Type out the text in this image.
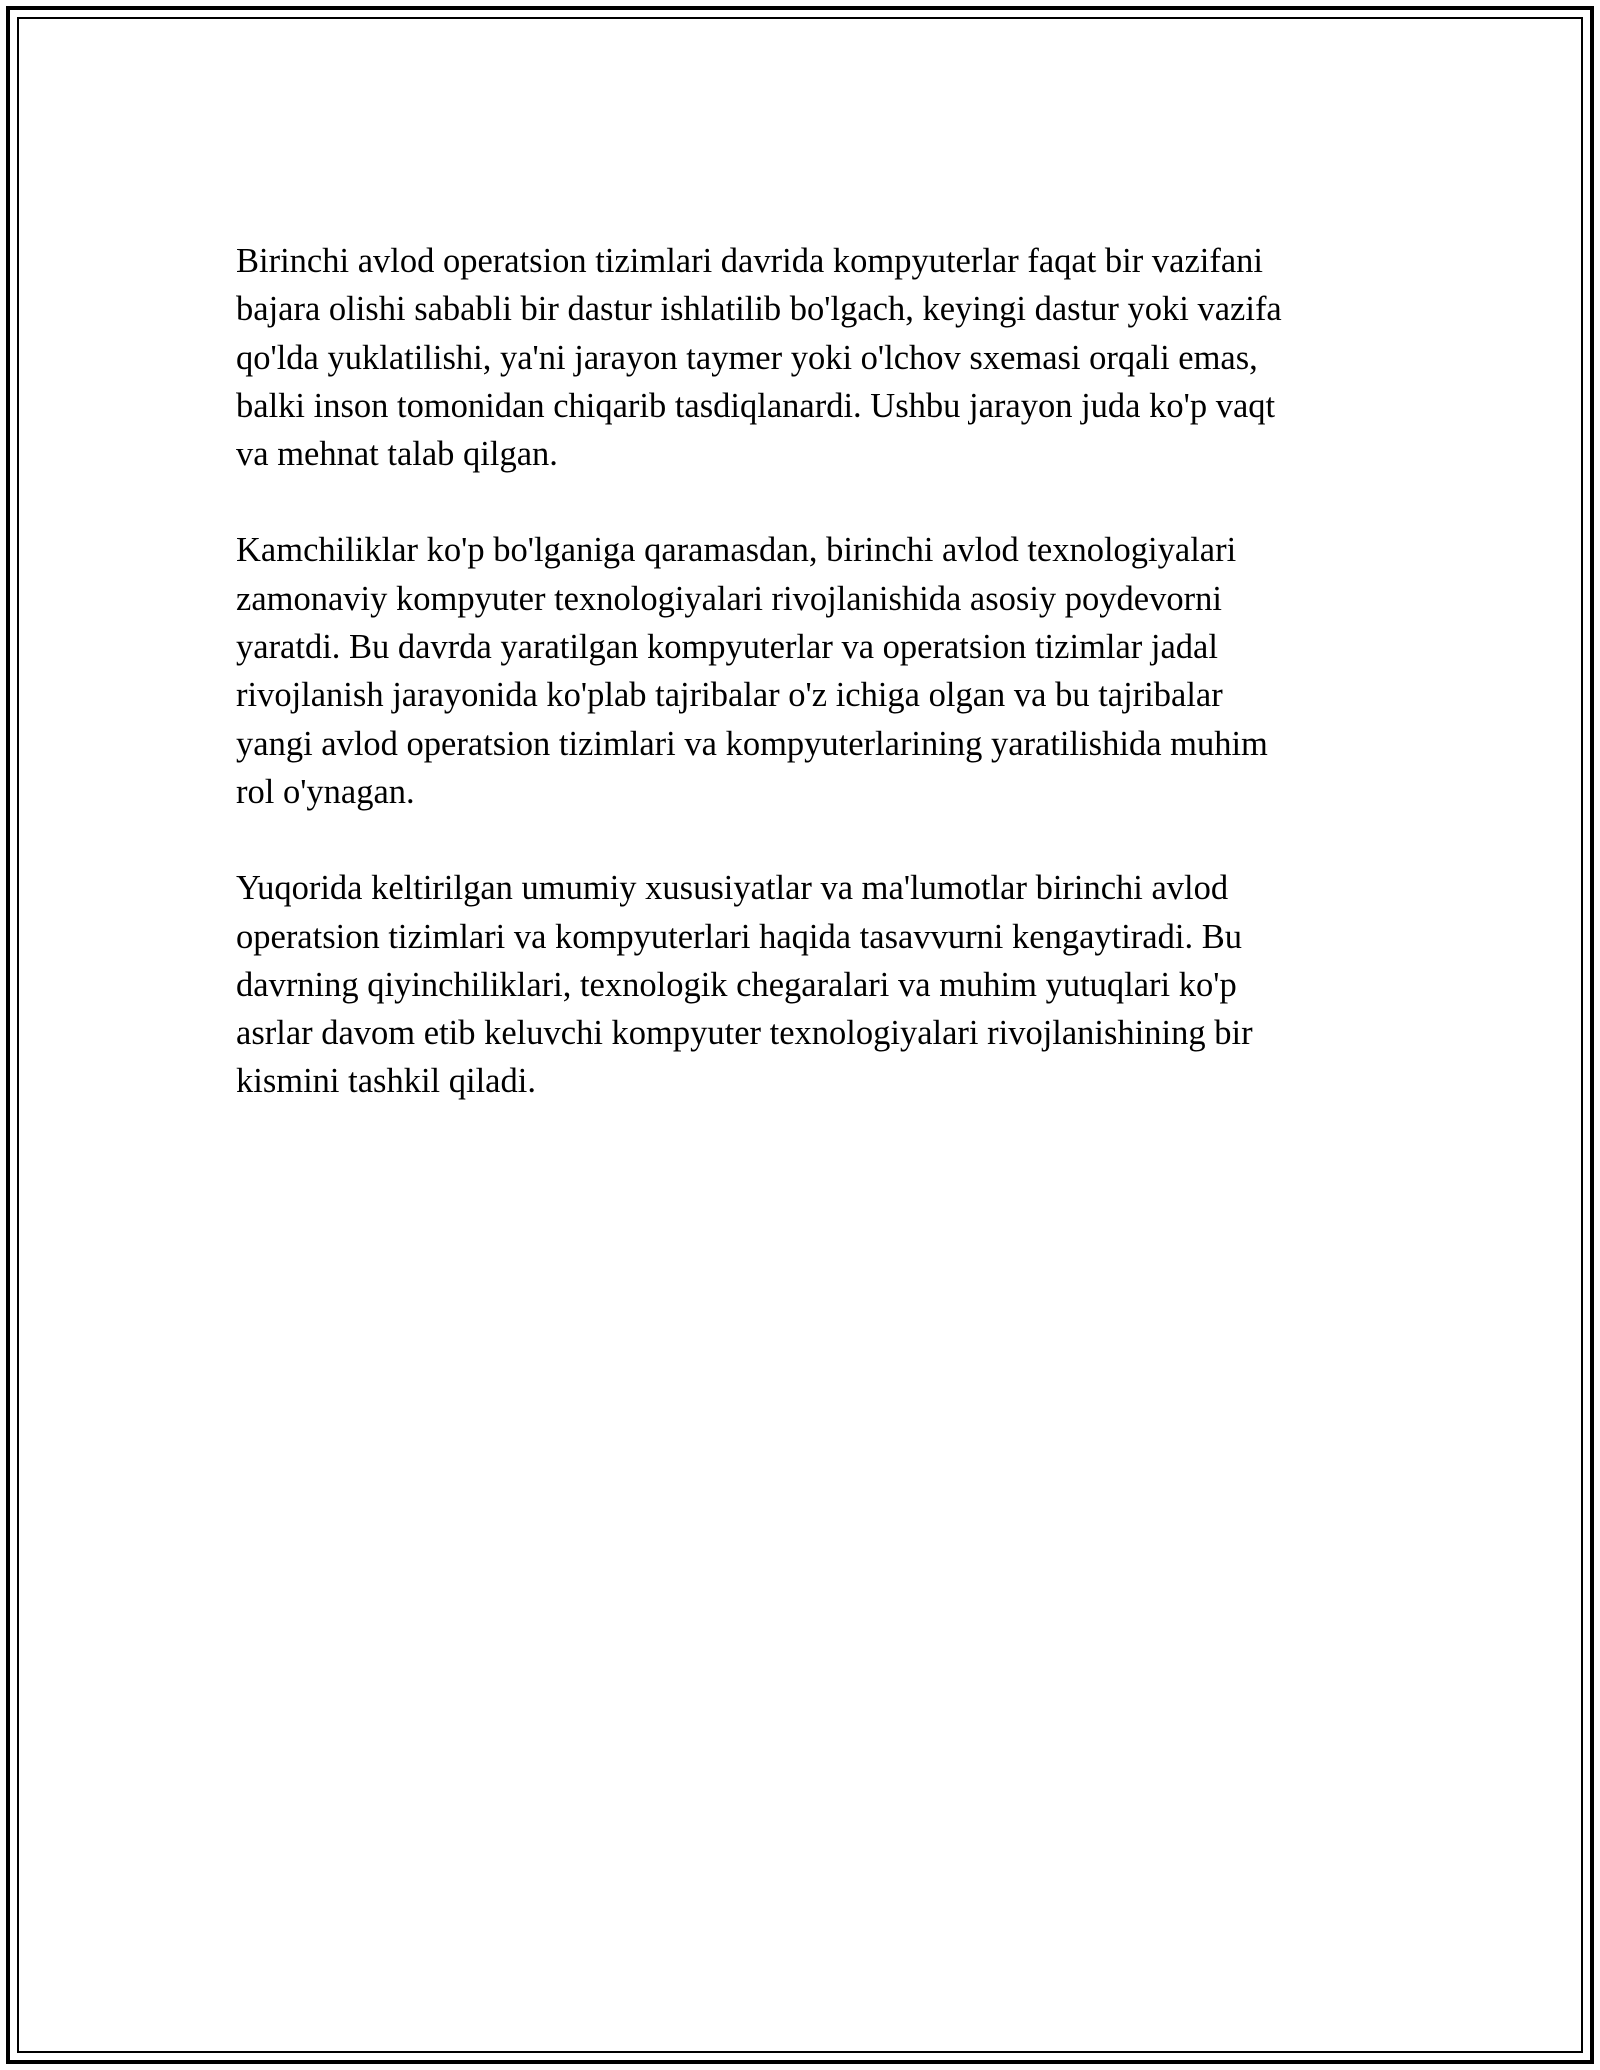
Birinchi avlod operatsion tizimlari davrida kompyuterlar faqat bir vazifani
bajara olishi sababli bir dastur ishlatilib bo'lgach, keyingi dastur yoki vazifa
qo'lda yuklatilishi, ya'ni jarayon taymer yoki o'lchov sxemasi orqali emas,
balki inson tomonidan chiqarib tasdiqlanardi. Ushbu jarayon juda ko'p vaqt
va mehnat talab qilgan.

Kamchiliklar ko'p bo'lganiga qaramasdan, birinchi avlod texnologiyalari
zamonaviy kompyuter texnologiyalari rivojlanishida asosiy poydevorni
yaratdi. Bu davrda yaratilgan kompyuterlar va operatsion tizimlar jadal
rivojlanish jarayonida ko'plab tajribalar o'z ichiga olgan va bu tajribalar
yangi avlod operatsion tizimlari va kompyuterlarining yaratilishida muhim
rol o'ynagan.

Yuqorida keltirilgan umumiy xususiyatlar va ma'lumotlar birinchi avlod
operatsion tizimlari va kompyuterlari haqida tasavvurni kengaytiradi. Bu
davrning qiyinchiliklari, texnologik chegaralari va muhim yutuqlari ko'p
asrlar davom etib keluvchi kompyuter texnologiyalari rivojlanishining bir
kismini tashkil qiladi.
